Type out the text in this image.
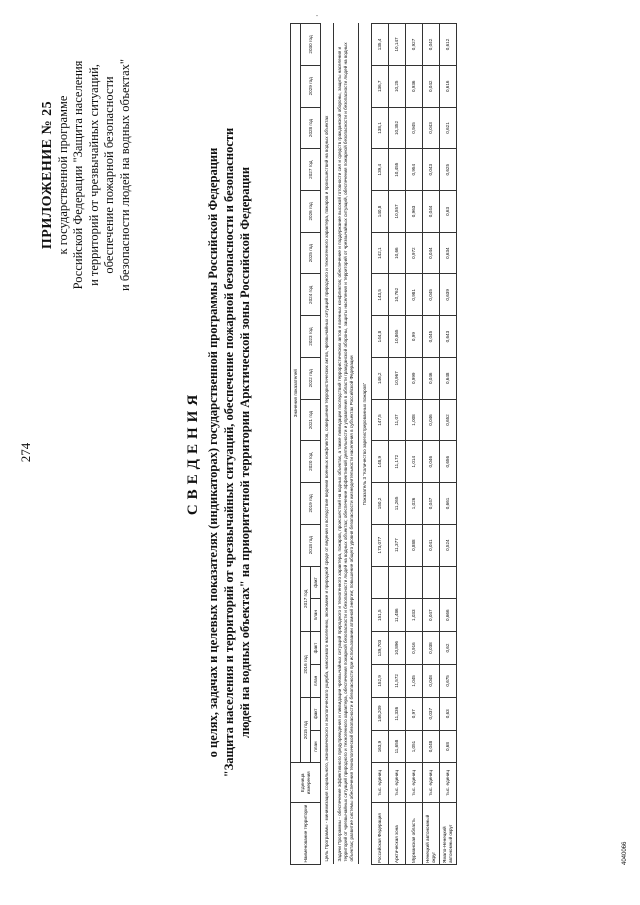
274
ПРИЛОЖЕНИЕ № 25 к государственной программе Российской Федерации "Защита населения и территорий от чрезвычайных ситуаций, обеспечение пожарной безопасности и безопасности людей на водных объектах"
СВЕДЕНИЯ о целях, задачах и целевых показателях (индикаторах) государственной программы Российской Федерации "Защита населения и территорий от чрезвычайных ситуаций, обеспечение пожарной безопасности и безопасности людей на водных объектах" на приоритетной территории Арктической зоны Российской Федерации
Наименование территории	Единица измерения	Значения показателей																		
		2015 год		2016 год		2017 год		2018 год	2019 год	2020 год	2021 год	2022 год	2023 год	2024 год	2025 год	2026 год	2027 год	2028 год	2029 год	2030 год
		план	факт	план	факт	план	факт													
Цель Программы - минимизация социального, экономического и экологического ущерба, наносимого населению, экономике и природной среде от ведения и вследствие ведения военных конфликтов, совершения террористических актов, чрезвычайных ситуаций природного и техногенного характера, пожаров и происшествий на водных объектах																				
Задачи Программы - обеспечение эффективного предупреждения и ликвидации чрезвычайных ситуаций природного и техногенного характера, пожаров, происшествий на водных объектах, а также ликвидации последствий террористических актов и военных конфликтов; обеспечение и поддержание высокой готовности сил и средств гражданской обороны, защиты населения и территорий от чрезвычайных ситуаций природного и техногенного характера, обеспечения пожарной безопасности и безопасности людей на водных объектах; обеспечение эффективной деятельности и управления в области гражданской обороны, защиты населения и территорий от чрезвычайных ситуаций, обеспечения пожарной безопасности и безопасности людей на водных объектах; развитие системы обеспечения технологической безопасности и безопасности при использовании атомной энергии; повышение общего уровня безопасности жизнедеятельности населения в субъектах Российской Федерации																				
Показатель 3 "Количество зарегистрированных пожаров"																				
Российская Федерация	тыс. единиц	163,9	146,209	152,9	139,703	151,5		173,077	150,2	148,9	147,5	146,2	144,8	143,5	142,1	140,8	139,4	138,1	136,7	135,4
Арктическая зона	тыс. единиц	11,658	11,336	11,572	10,896	11,486		11,377	11,265	11,172	11,07	10,967	10,865	10,762	10,66	10,557	10,455	10,352	10,25	10,147
Мурманская область	тыс. единиц	1,051	0,97	1,045	0,916	1,033		0,888	1,026	1,014	1,008	0,999	0,99	0,981	0,972	0,963	0,954	0,945	0,936	0,927
Ненецкий автономный округ	тыс. единиц	0,048	0,037	0,048	0,038	0,047		0,041	0,047	0,046	0,046	0,046	0,045	0,045	0,044	0,044	0,043	0,043	0,042	0,042
Ямало-Ненецкий автономный округ	тыс. единиц	0,68	0,63	0,675	0,62	0,666		0,524	0,661	0,656	0,652	0,648	0,643	0,639	0,634	0,63	0,625	0,621	0,616	0,612
4040066
·
